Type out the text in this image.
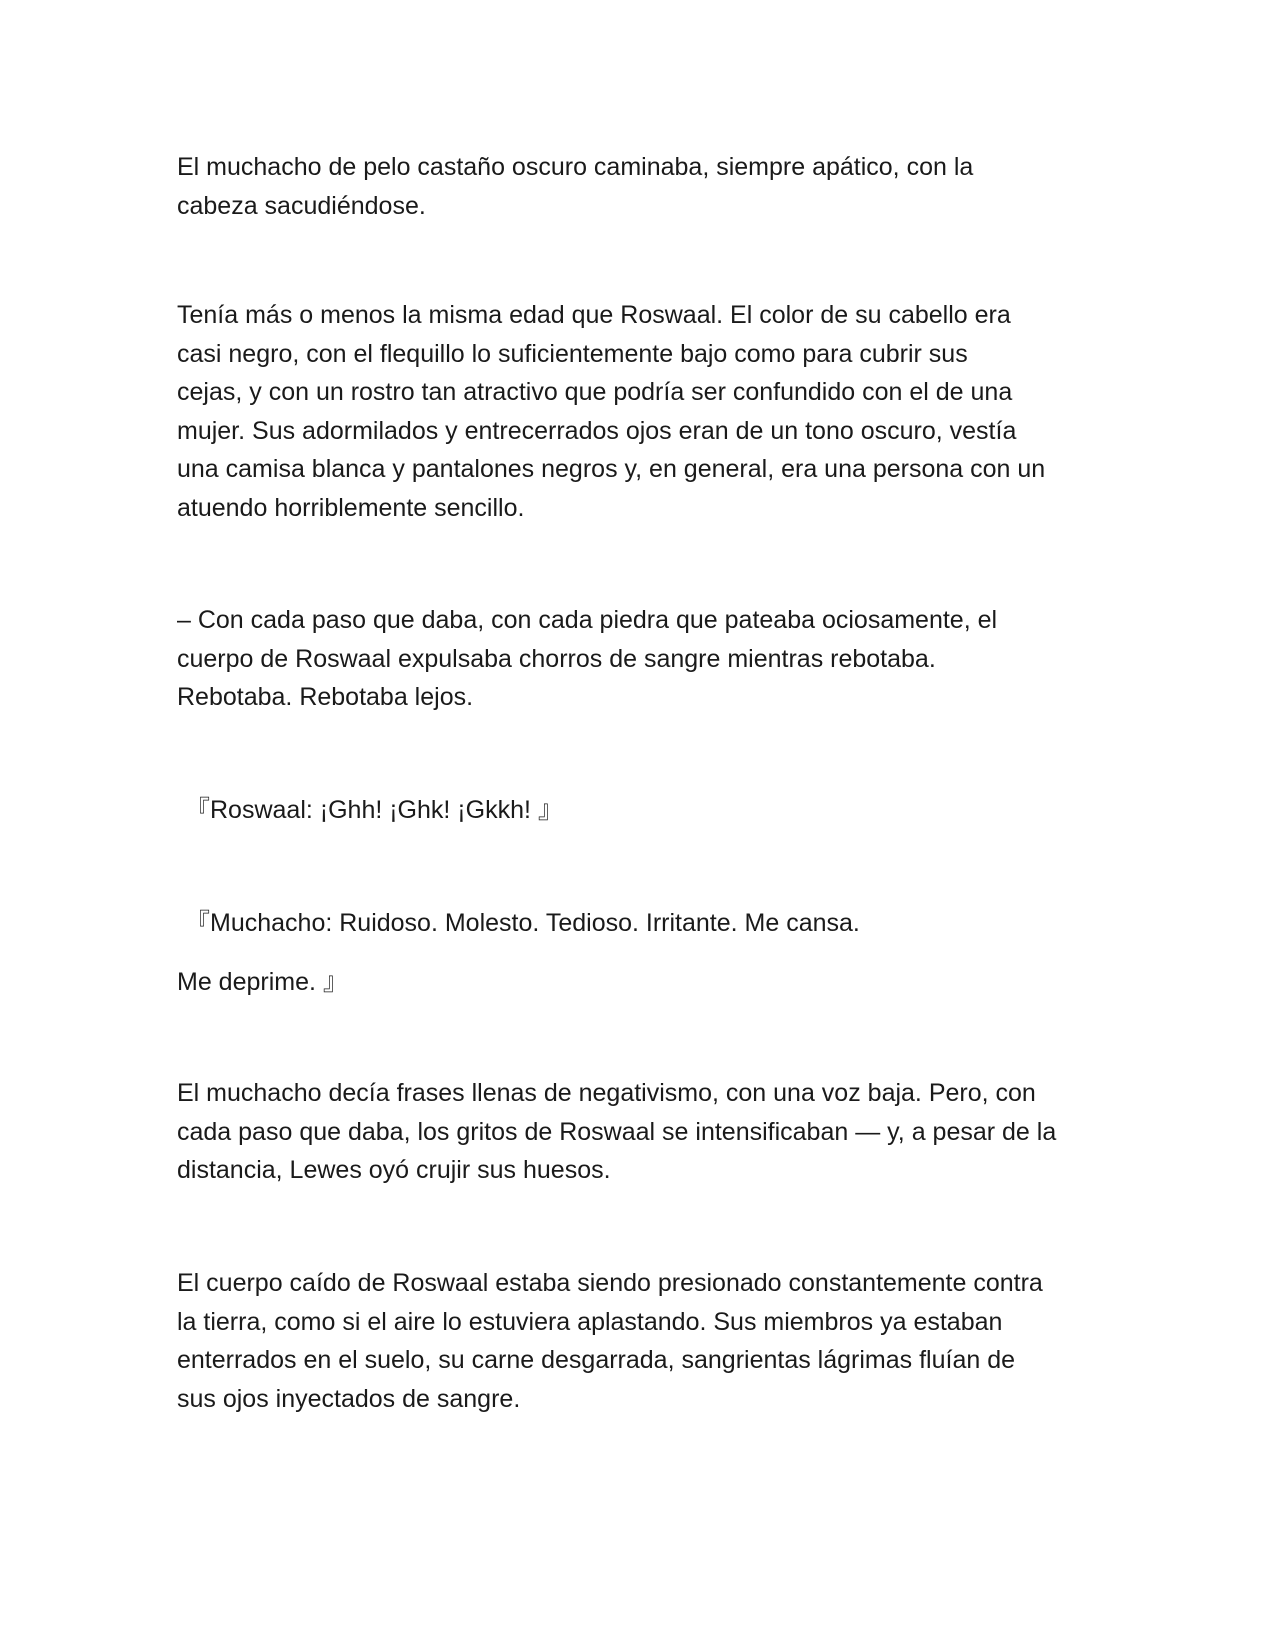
El muchacho de pelo castaño oscuro caminaba, siempre apático, con la
cabeza sacudiéndose.

Tenía más o menos la misma edad que Roswaal. El color de su cabello era
casi negro, con el flequillo lo suficientemente bajo como para cubrir sus
cejas, y con un rostro tan atractivo que podría ser confundido con el de una
mujer. Sus adormilados y entrecerrados ojos eran de un tono oscuro, vestía
una camisa blanca y pantalones negros y, en general, era una persona con un
atuendo horriblemente sencillo.

– Con cada paso que daba, con cada piedra que pateaba ociosamente, el
cuerpo de Roswaal expulsaba chorros de sangre mientras rebotaba.
Rebotaba. Rebotaba lejos.

『Roswaal: ¡Ghh! ¡Ghk! ¡Gkkh! 』

『Muchacho: Ruidoso. Molesto. Tedioso. Irritante. Me cansa.

Me deprime. 』

El muchacho decía frases llenas de negativismo, con una voz baja. Pero, con
cada paso que daba, los gritos de Roswaal se intensificaban — y, a pesar de la
distancia, Lewes oyó crujir sus huesos.

El cuerpo caído de Roswaal estaba siendo presionado constantemente contra
la tierra, como si el aire lo estuviera aplastando. Sus miembros ya estaban
enterrados en el suelo, su carne desgarrada, sangrientas lágrimas fluían de
sus ojos inyectados de sangre.
